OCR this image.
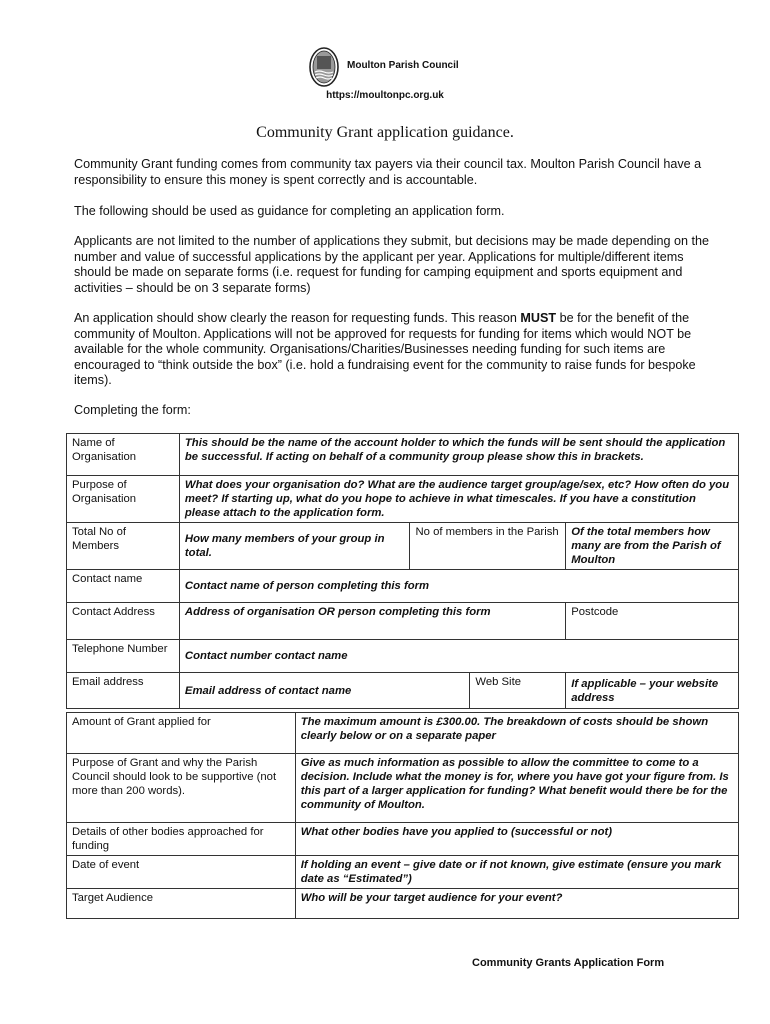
Moulton Parish Council
https://moultonpc.org.uk
Community Grant application guidance.

Community Grant funding comes from community tax payers via their council tax. Moulton Parish Council have a responsibility to ensure this money is spent correctly and is accountable.

The following should be used as guidance for completing an application form.

Applicants are not limited to the number of applications they submit, but decisions may be made depending on the number and value of successful applications by the applicant per year. Applications for multiple/different items should be made on separate forms (i.e. request for funding for camping equipment and sports equipment and activities – should be on 3 separate forms)

An application should show clearly the reason for requesting funds. This reason MUST be for the benefit of the community of Moulton. Applications will not be approved for requests for funding for items which would NOT be available for the whole community. Organisations/Charities/Businesses needing funding for such items are encouraged to “think outside the box” (i.e. hold a fundraising event for the community to raise funds for bespoke items).

Completing the form:

Name of Organisation	This should be the name of the account holder to which the funds will be sent should the application be successful. If acting on behalf of a community group please show this in brackets.			
Purpose of Organisation	What does your organisation do? What are the audience target group/age/sex, etc? How often do you meet? If starting up, what do you hope to achieve in what timescales. If you have a constitution please attach to the application form.			
Total No of Members	How many members of your group in total.	No of members in the Parish		Of the total members how many are from the Parish of Moulton
Contact name	Contact name of person completing this form			
Contact Address	Address of organisation OR person completing this form			Postcode
Telephone Number	Contact number contact name			
Email address	Email address of contact name		Web Site	If applicable – your website address
Amount of Grant applied for	The maximum amount is £300.00. The breakdown of costs should be shown clearly below or on a separate paper
Purpose of Grant and why the Parish Council should look to be supportive (not more than 200 words).	Give as much information as possible to allow the committee to come to a decision. Include what the money is for, where you have got your figure from. Is this part of a larger application for funding? What benefit would there be for the community of Moulton.
Details of other bodies approached for funding	What other bodies have you applied to (successful or not)
Date of event	If holding an event – give date or if not known, give estimate (ensure you mark date as “Estimated”)
Target Audience	Who will be your target audience for your event?
Community Grants Application Form
